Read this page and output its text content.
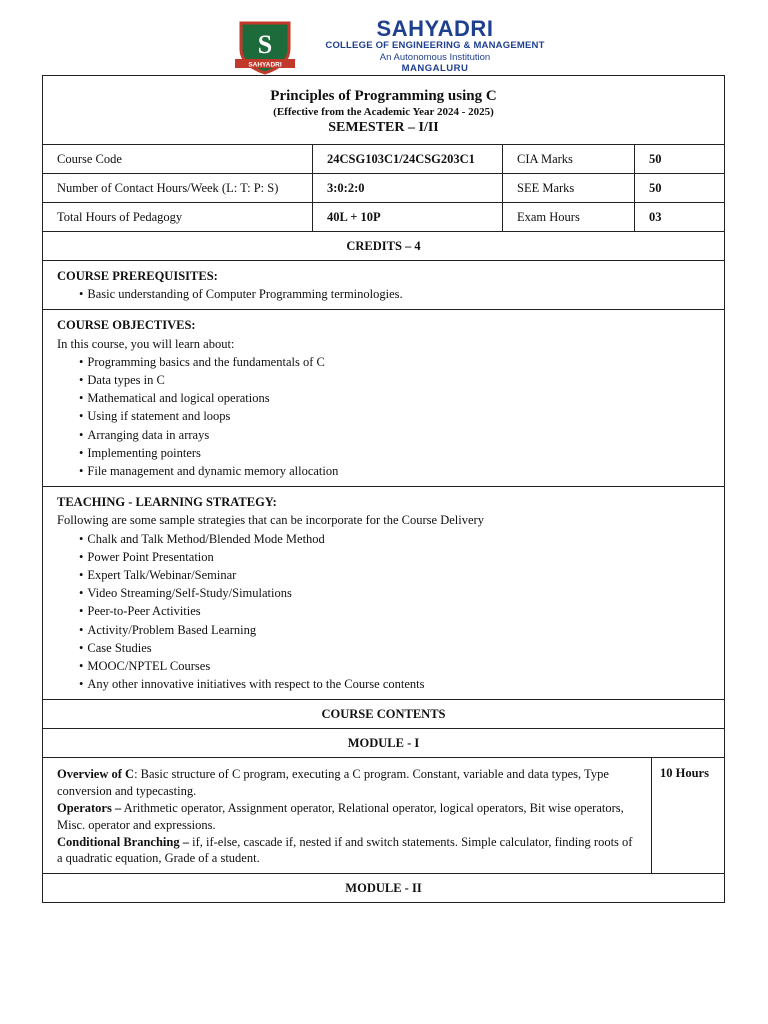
S
SAHYADRI
SAHYADRI
COLLEGE OF ENGINEERING & MANAGEMENT
An Autonomous Institution
MANGALURU
Principles of Programming using C
(Effective from the Academic Year 2024 - 2025)
SEMESTER – I/II
Course Code	24CSG103C1/24CSG203C1	CIA Marks	50
Number of Contact Hours/Week (L: T: P: S)	3:0:2:0	SEE Marks	50
Total Hours of Pedagogy	40L + 10P	Exam Hours	03
CREDITS – 4
COURSE PREREQUISITES:
• Basic understanding of Computer Programming terminologies.
COURSE OBJECTIVES:
In this course, you will learn about:
• Programming basics and the fundamentals of C
• Data types in C
• Mathematical and logical operations
• Using if statement and loops
• Arranging data in arrays
• Implementing pointers
• File management and dynamic memory allocation
TEACHING - LEARNING STRATEGY:
Following are some sample strategies that can be incorporate for the Course Delivery
• Chalk and Talk Method/Blended Mode Method
• Power Point Presentation
• Expert Talk/Webinar/Seminar
• Video Streaming/Self-Study/Simulations
• Peer-to-Peer Activities
• Activity/Problem Based Learning
• Case Studies
• MOOC/NPTEL Courses
• Any other innovative initiatives with respect to the Course contents
COURSE CONTENTS
MODULE - I
Overview of C: Basic structure of C program, executing a C program. Constant, variable and data types, Type conversion and typecasting.
Operators – Arithmetic operator, Assignment operator, Relational operator, logical operators, Bit wise operators, Misc. operator and expressions.
Conditional Branching – if, if-else, cascade if, nested if and switch statements. Simple calculator, finding roots of a quadratic equation, Grade of a student.
10 Hours
MODULE - II
